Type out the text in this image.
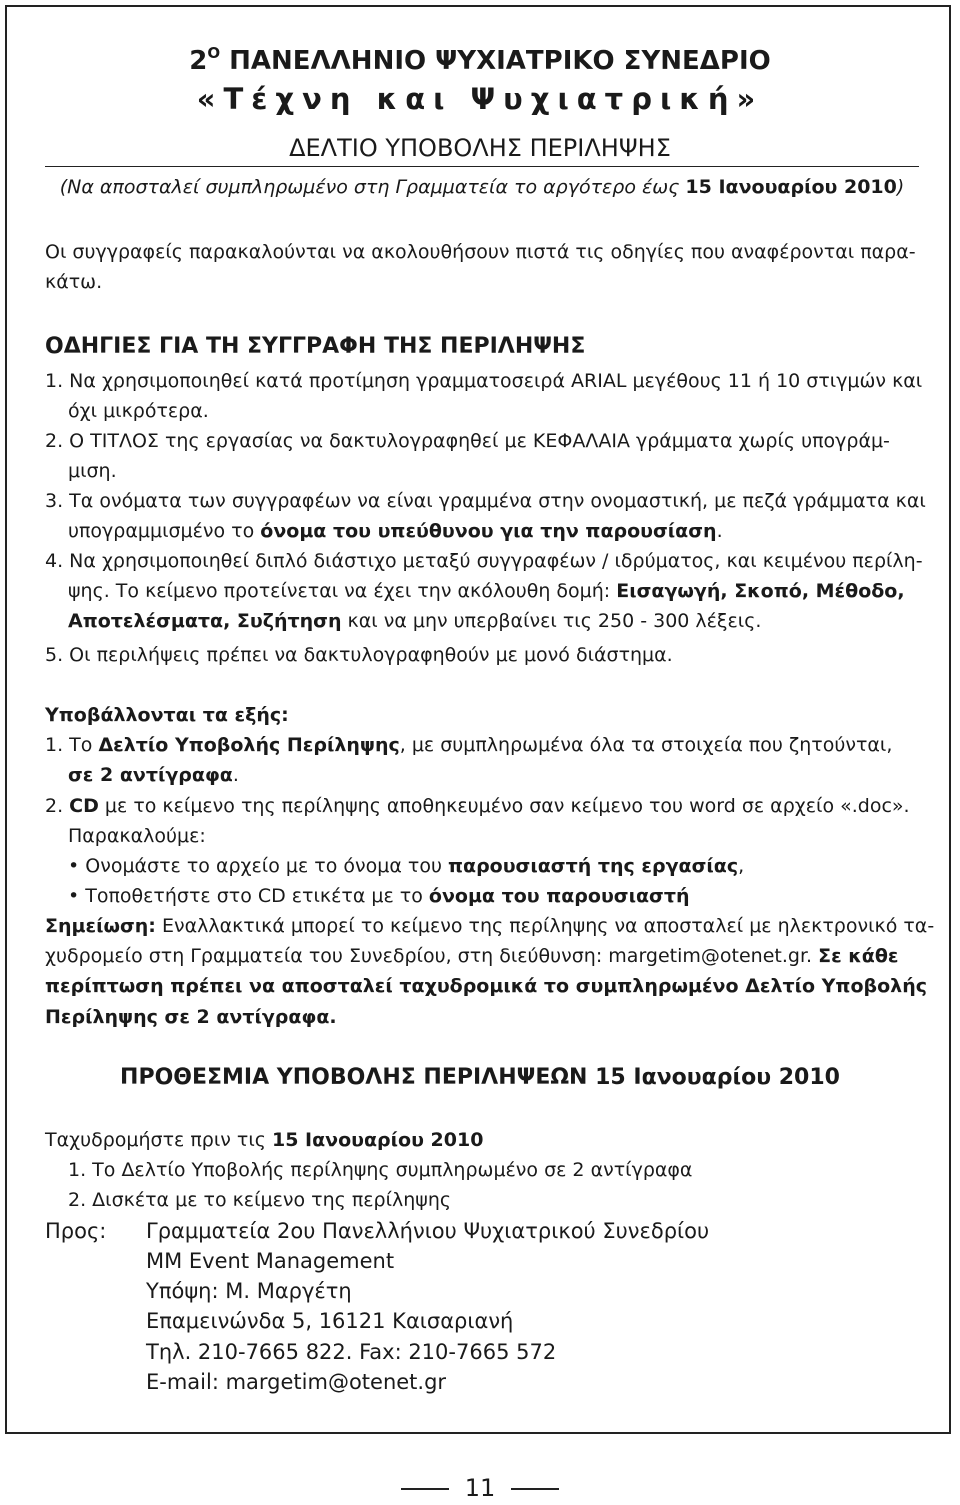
$2^O$ ΠΑΝΕΛΛΗΝΙΟ ΨΥΧΙΑΤΡΙΚΟ ΣΥΝΕΔΡΙΟ
«Τέχνη και Ψυχιατρική»
ΔΕΛΤΙΟ ΥΠΟΒΟΛΗΣ ΠΕΡΙΛΗΨΗΣ
(Να αποσταλεί συμπληρωμένο στη Γραμματεία το αργότερο έως 15 Ιανουαρίου 2010)
Οι συγγραφείς παρακαλούνται να ακολουθήσουν πιστά τις οδηγίες που αναφέρονται παρα-
κάτω.
ΟΔΗΓΙΕΣ ΓΙΑ ΤΗ ΣΥΓΓΡΑΦΗ ΤΗΣ ΠΕΡΙΛΗΨΗΣ
1. Να χρησιμοποιηθεί κατά προτίμηση γραμματοσειρά ARIAL μεγέθους 11 ή 10 στιγμών και
όχι μικρότερα.
2. Ο ΤΙΤΛΟΣ της εργασίας να δακτυλογραφηθεί με ΚΕΦΑΛΑΙΑ γράμματα χωρίς υπογράμ-
μιση.
3. Τα ονόματα των συγγραφέων να είναι γραμμένα στην ονομαστική, με πεζά γράμματα και
υπογραμμισμένο το όνομα του υπεύθυνου για την παρουσίαση.
4. Να χρησιμοποιηθεί διπλό διάστιχο μεταξύ συγγραφέων / ιδρύματος, και κειμένου περίλη-
ψης. Το κείμενο προτείνεται να έχει την ακόλουθη δομή: Εισαγωγή, Σκοπό, Μέθοδο,
Αποτελέσματα, Συζήτηση και να μην υπερβαίνει τις 250 - 300 λέξεις.
5. Οι περιλήψεις πρέπει να δακτυλογραφηθούν με μονό διάστημα.
Υποβάλλονται τα εξής:
1. Το Δελτίο Υποβολής Περίληψης, με συμπληρωμένα όλα τα στοιχεία που ζητούνται,
σε 2 αντίγραφα.
2. CD με το κείμενο της περίληψης αποθηκευμένο σαν κείμενο του word σε αρχείο «.doc».
Παρακαλούμε:
• Ονομάστε το αρχείο με το όνομα του παρουσιαστή της εργασίας,
• Τοποθετήστε στο CD ετικέτα με το όνομα του παρουσιαστή
Σημείωση: Εναλλακτικά μπορεί το κείμενο της περίληψης να αποσταλεί με ηλεκτρονικό τα-
χυδρομείο στη Γραμματεία του Συνεδρίου, στη διεύθυνση: margetim@otenet.gr. Σε κάθε
περίπτωση πρέπει να αποσταλεί ταχυδρομικά το συμπληρωμένο Δελτίο Υποβολής
Περίληψης σε 2 αντίγραφα.
ΠΡΟΘΕΣΜΙΑ ΥΠΟΒΟΛΗΣ ΠΕΡΙΛΗΨΕΩΝ 15 Ιανουαρίου 2010
Ταχυδρομήστε πριν τις 15 Ιανουαρίου 2010
1. Το Δελτίο Υποβολής περίληψης συμπληρωμένο σε 2 αντίγραφα
2. Δισκέτα με το κείμενο της περίληψης
Προς: Γραμματεία 2ου Πανελλήνιου Ψυχιατρικού Συνεδρίου
MM Event Management
Υπόψη: Μ. Μαργέτη
Επαμεινώνδα 5, 16121 Καισαριανή
Τηλ. 210-7665 822. Fax: 210-7665 572
E-mail: margetim@otenet.gr
11
